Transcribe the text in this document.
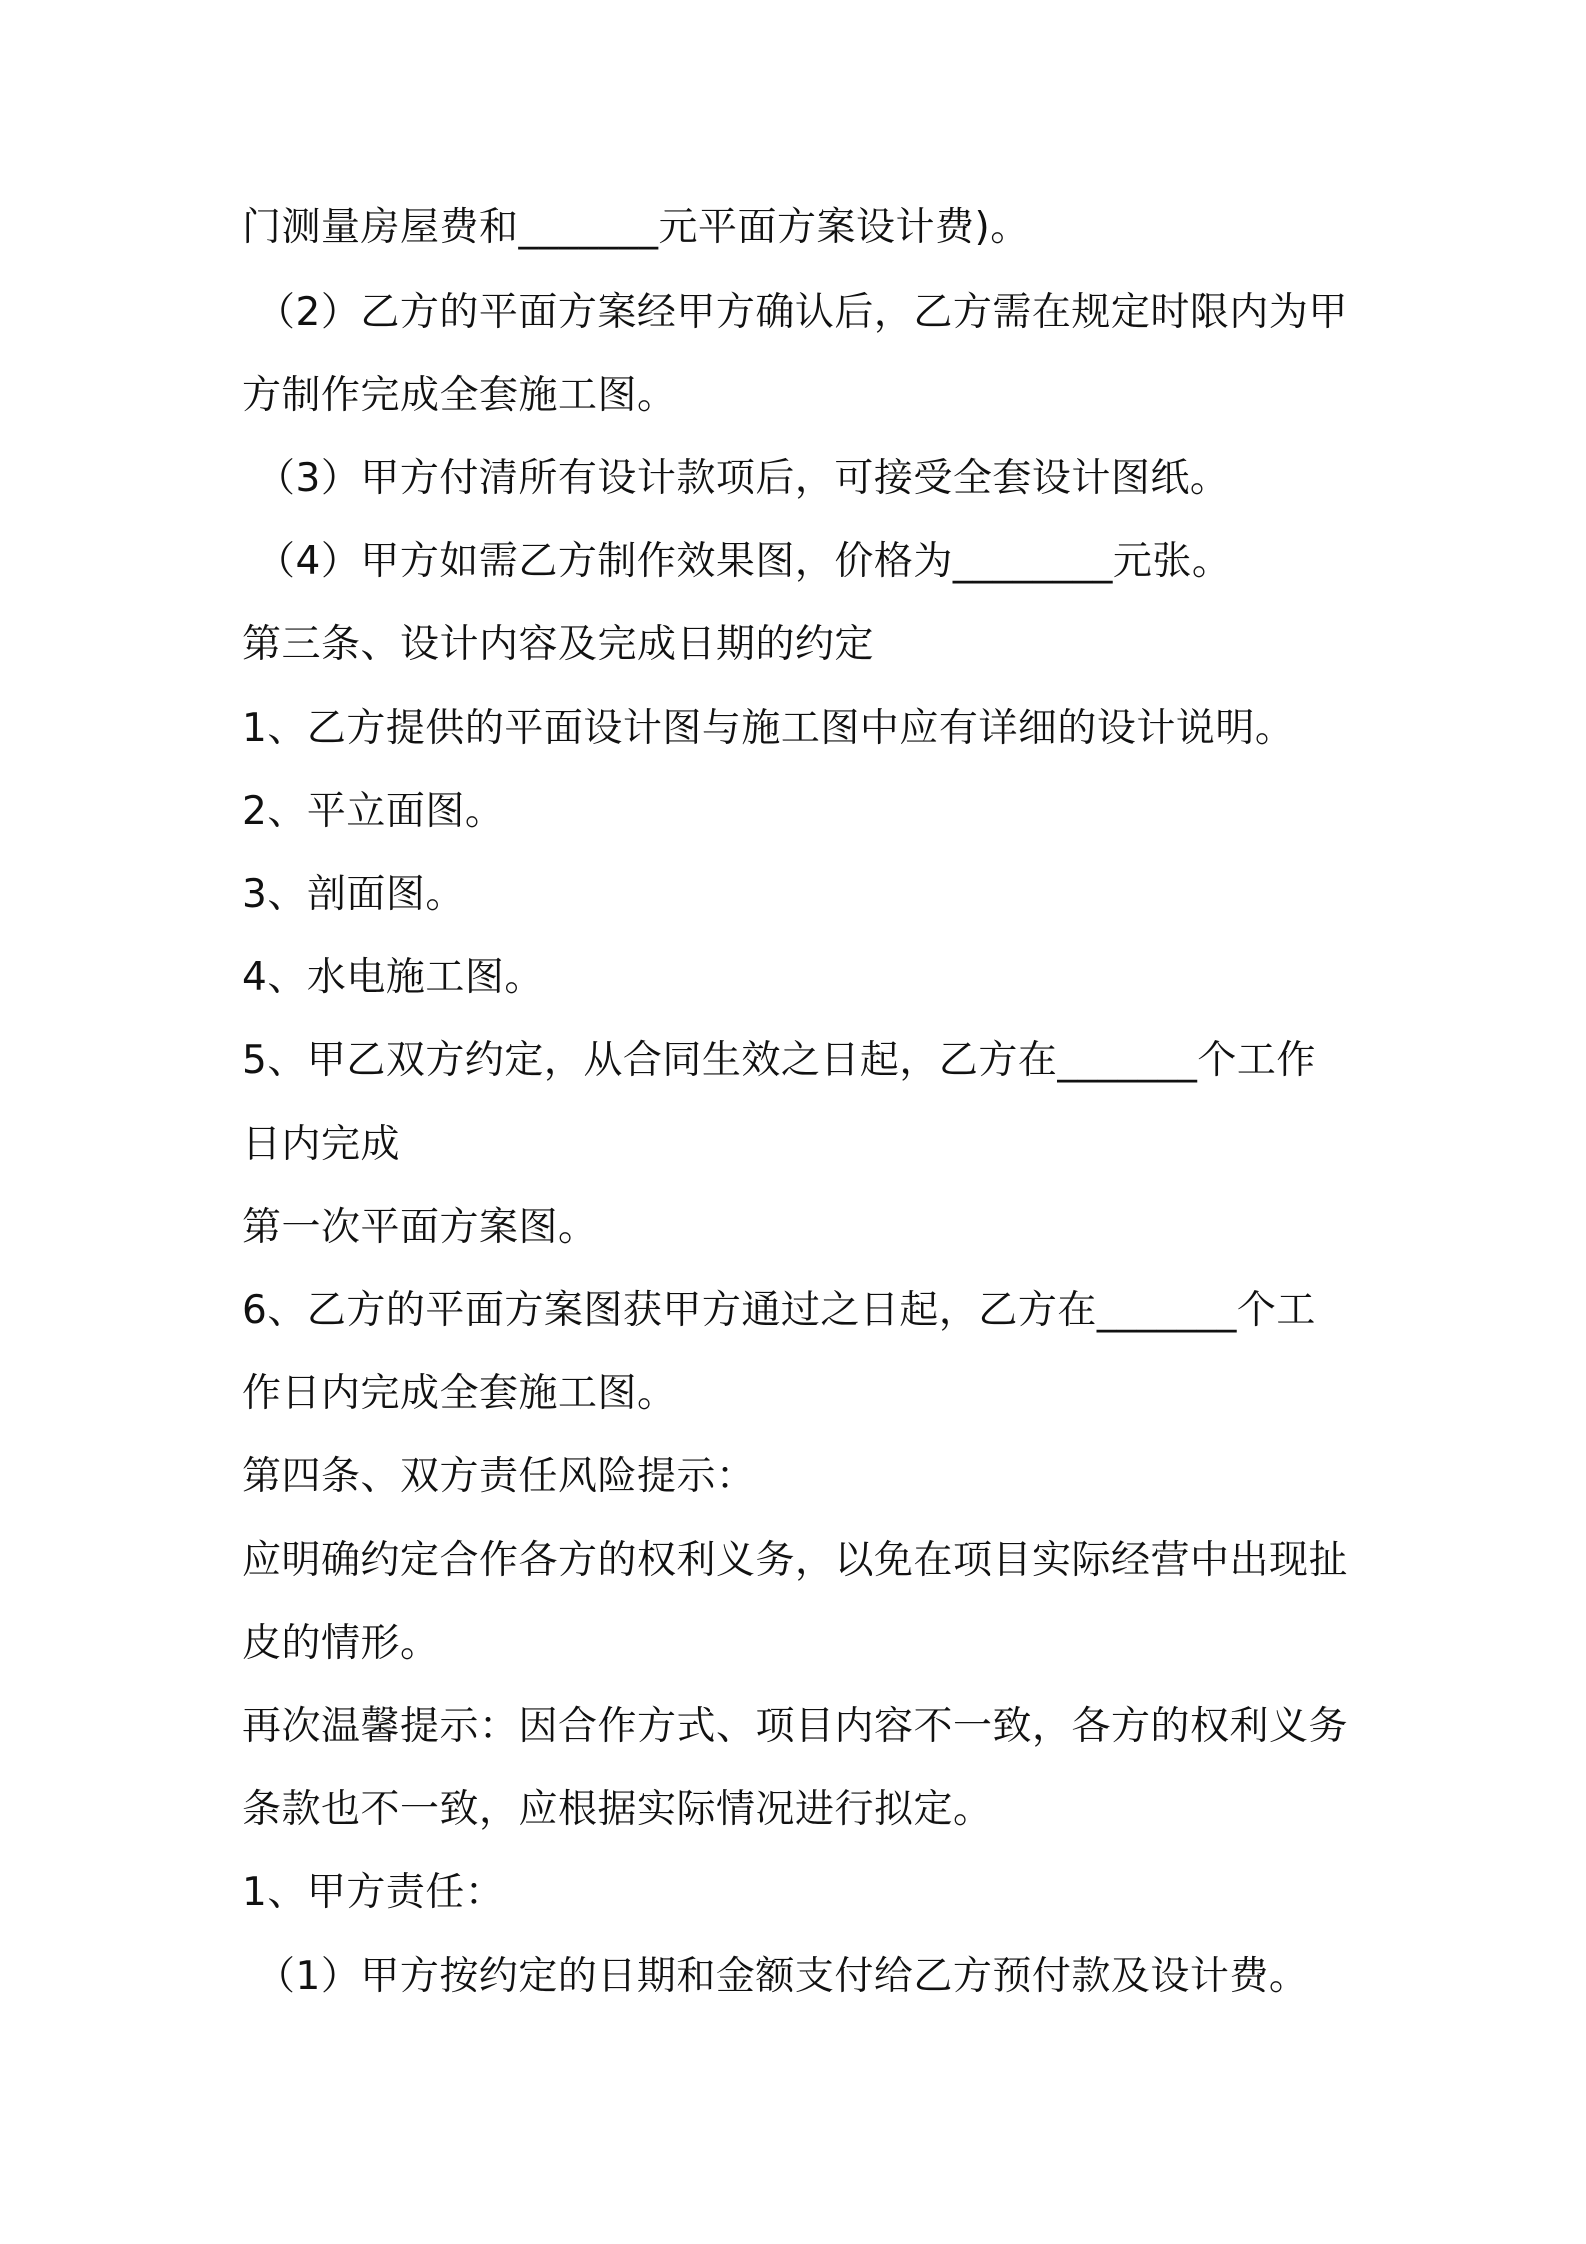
门测量房屋费和_______元平面方案设计费)。

（2）乙方的平面方案经甲方确认后，乙方需在规定时限内为甲

方制作完成全套施工图。

（3）甲方付清所有设计款项后，可接受全套设计图纸。

（4）甲方如需乙方制作效果图，价格为________元张。

第三条、设计内容及完成日期的约定

1、乙方提供的平面设计图与施工图中应有详细的设计说明。

2、平立面图。

3、剖面图。

4、水电施工图。

5、甲乙双方约定，从合同生效之日起，乙方在_______个工作

日内完成

第一次平面方案图。

6、乙方的平面方案图获甲方通过之日起，乙方在_______个工

作日内完成全套施工图。

第四条、双方责任风险提示：

应明确约定合作各方的权利义务，以免在项目实际经营中出现扯

皮的情形。

再次温馨提示：因合作方式、项目内容不一致，各方的权利义务

条款也不一致，应根据实际情况进行拟定。

1、甲方责任：

（1）甲方按约定的日期和金额支付给乙方预付款及设计费。
